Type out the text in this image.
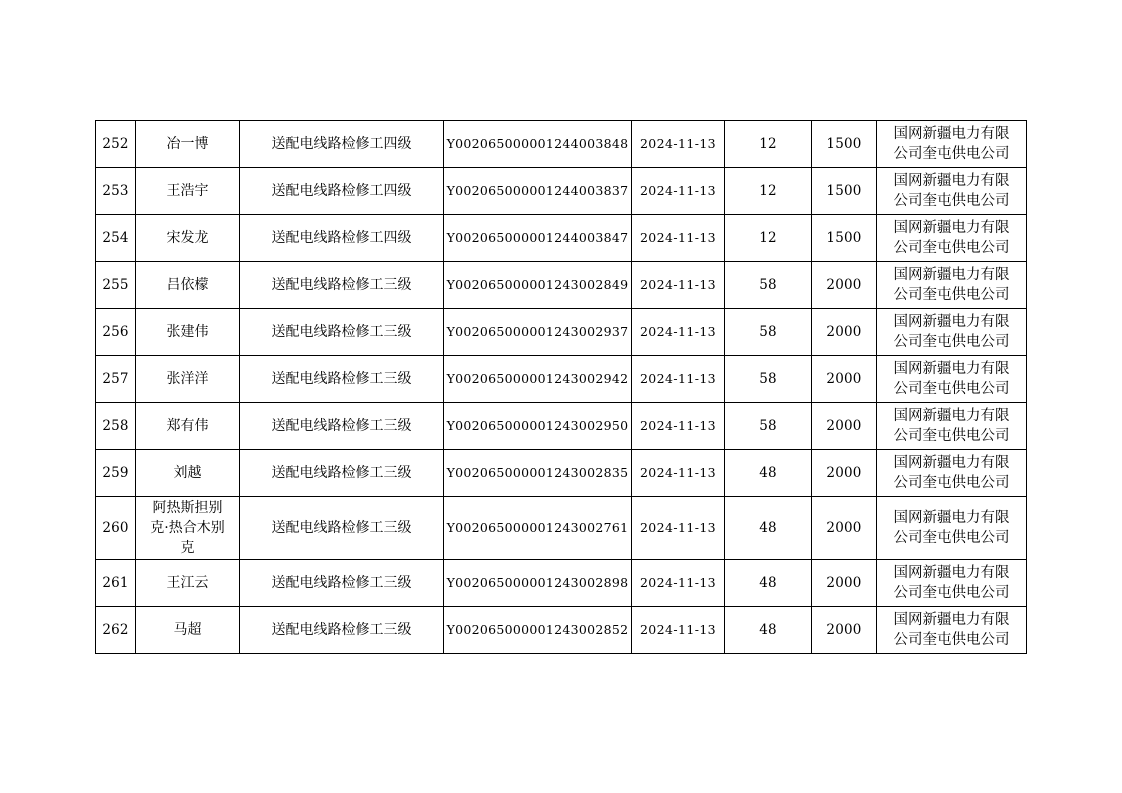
252	冶一博	送配电线路检修工四级	Y00206500000124400384​8	2024-11-13	12	1500	国网新疆电力有限
公司奎屯供电公司
253	王浩宇	送配电线路检修工四级	Y002065000001244003837	2024-11-13	12	1500	国网新疆电力有限
公司奎屯供电公司
254	宋发龙	送配电线路检修工四级	Y002065000001244003847	2024-11-13	12	1500	国网新疆电力有限
公司奎屯供电公司
255	吕依檬	送配电线路检修工三级	Y002065000001243002849	2024-11-13	58	2000	国网新疆电力有限
公司奎屯供电公司
256	张建伟	送配电线路检修工三级	Y002065000001243002937	2024-11-13	58	2000	国网新疆电力有限
公司奎屯供电公司
257	张洋洋	送配电线路检修工三级	Y002065000001243002942	2024-11-13	58	2000	国网新疆电力有限
公司奎屯供电公司
258	郑有伟	送配电线路检修工三级	Y002065000001243002950	2024-11-13	58	2000	国网新疆电力有限
公司奎屯供电公司
259	刘越	送配电线路检修工三级	Y002065000001243002835	2024-11-13	48	2000	国网新疆电力有限
公司奎屯供电公司
260	阿热斯担别
克·热合木别
克	送配电线路检修工三级	Y002065000001243002761	2024-11-13	48	2000	国网新疆电力有限
公司奎屯供电公司
261	王江云	送配电线路检修工三级	Y002065000001243002898	2024-11-13	48	2000	国网新疆电力有限
公司奎屯供电公司
262	马超	送配电线路检修工三级	Y002065000001243002852	2024-11-13	48	2000	国网新疆电力有限
公司奎屯供电公司
